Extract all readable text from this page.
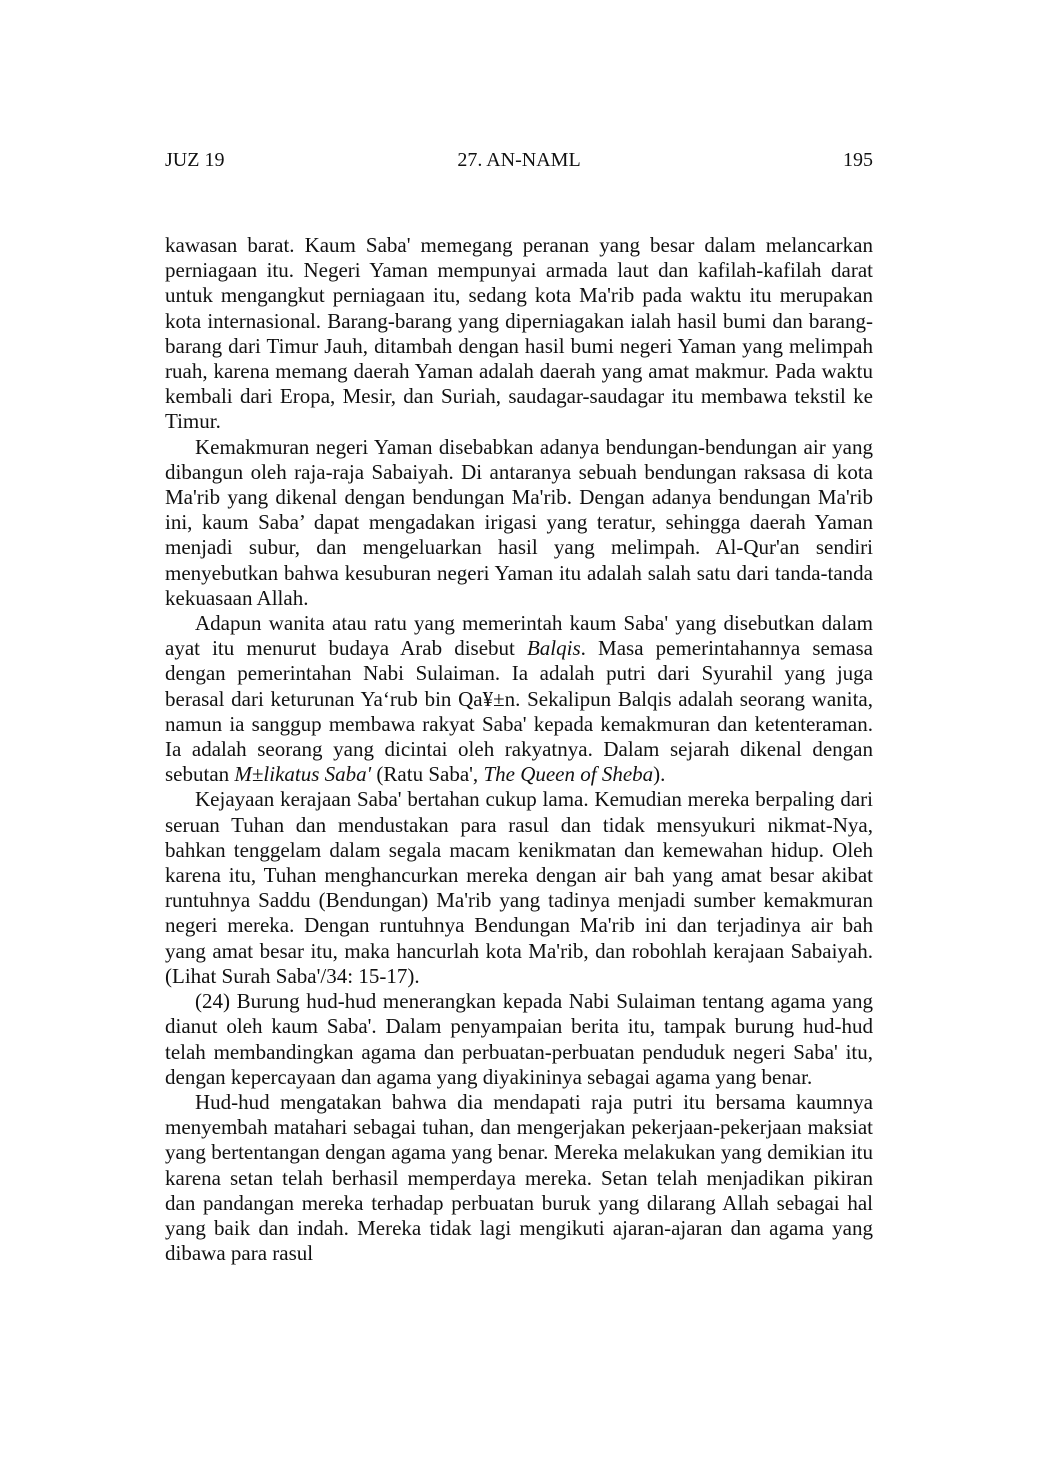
JUZ 19	27. AN-NAML	195

kawasan barat. Kaum Saba' memegang peranan yang besar dalam melancarkan perniagaan itu. Negeri Yaman mempunyai armada laut dan kafilah-kafilah darat untuk mengangkut perniagaan itu, sedang kota Ma'rib pada waktu itu merupakan kota internasional. Barang-barang yang diperniagakan ialah hasil bumi dan barang-barang dari Timur Jauh, ditambah dengan hasil bumi negeri Yaman yang melimpah ruah, karena memang daerah Yaman adalah daerah yang amat makmur. Pada waktu kembali dari Eropa, Mesir, dan Suriah, saudagar-saudagar itu membawa tekstil ke Timur.

Kemakmuran negeri Yaman disebabkan adanya bendungan-bendungan air yang dibangun oleh raja-raja Sabaiyah. Di antaranya sebuah bendungan raksasa di kota Ma'rib yang dikenal dengan bendungan Ma'rib. Dengan adanya bendungan Ma'rib ini, kaum Saba’ dapat mengadakan irigasi yang teratur, sehingga daerah Yaman menjadi subur, dan mengeluarkan hasil yang melimpah. Al-Qur'an sendiri menyebutkan bahwa kesuburan negeri Yaman itu adalah salah satu dari tanda-tanda kekuasaan Allah.

Adapun wanita atau ratu yang memerintah kaum Saba' yang disebutkan dalam ayat itu menurut budaya Arab disebut Balqis. Masa pemerintahannya semasa dengan pemerintahan Nabi Sulaiman. Ia adalah putri dari Syurahil yang juga berasal dari keturunan Ya‘rub bin Qa¥±n. Sekalipun Balqis adalah seorang wanita, namun ia sanggup membawa rakyat Saba' kepada kemakmuran dan ketenteraman. Ia adalah seorang yang dicintai oleh rakyatnya. Dalam sejarah dikenal dengan sebutan M±likatus Saba' (Ratu Saba', The Queen of Sheba).

Kejayaan kerajaan Saba' bertahan cukup lama. Kemudian mereka berpaling dari seruan Tuhan dan mendustakan para rasul dan tidak mensyukuri nikmat-Nya, bahkan tenggelam dalam segala macam kenikmatan dan kemewahan hidup. Oleh karena itu, Tuhan menghancurkan mereka dengan air bah yang amat besar akibat runtuhnya Saddu (Bendungan) Ma'rib yang tadinya menjadi sumber kemakmuran negeri mereka. Dengan runtuhnya Bendungan Ma'rib ini dan terjadinya air bah yang amat besar itu, maka hancurlah kota Ma'rib, dan robohlah kerajaan Sabaiyah. (Lihat Surah Saba'/34: 15-17).

(24) Burung hud-hud menerangkan kepada Nabi Sulaiman tentang agama yang dianut oleh kaum Saba'. Dalam penyampaian berita itu, tampak burung hud-hud telah membandingkan agama dan perbuatan-perbuatan penduduk negeri Saba' itu, dengan kepercayaan dan agama yang diyakininya sebagai agama yang benar.

Hud-hud mengatakan bahwa dia mendapati raja putri itu bersama kaumnya menyembah matahari sebagai tuhan, dan mengerjakan pekerjaan-pekerjaan maksiat yang bertentangan dengan agama yang benar. Mereka melakukan yang demikian itu karena setan telah berhasil memperdaya mereka. Setan telah menjadikan pikiran dan pandangan mereka terhadap perbuatan buruk yang dilarang Allah sebagai hal yang baik dan indah. Mereka tidak lagi mengikuti ajaran-ajaran dan agama yang dibawa para rasul
